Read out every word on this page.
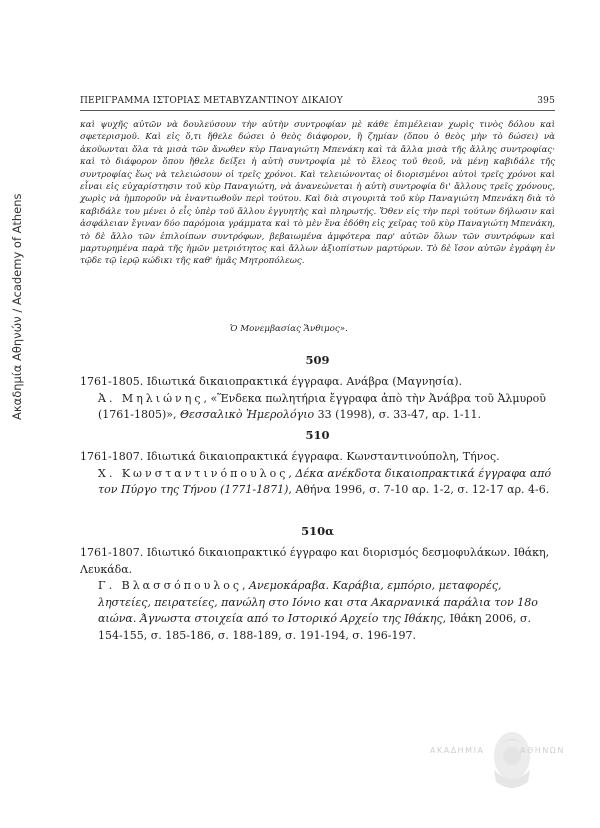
Ακαδημία Αθηνών / Academy of Athens
ΠΕΡΙΓΡΑΜΜΑ ΙΣΤΟΡΙΑΣ ΜΕΤΑΒΥΖΑΝΤΙΝΟΥ ΔΙΚΑΙΟΥ	395
καὶ ψυχῆς αὐτῶν νὰ δουλεύσουν τὴν αὐτὴν συντροφίαν μὲ κάθε ἐπιμέλειαν χωρὶς τινὸς δόλου καὶ σφετερισμοῦ. Καὶ εἰς ὅ,τι ἤθελε δώσει ὁ θεὸς διάφορον, ἢ ζημίαν (ὅπου ὁ θεὸς μὴν τὸ δώσει) νὰ ἀκοῦωνται ὅλα τὰ μισὰ τῶν ἄνωθεν κὺρ Παναγιώτη Μπενάκη καὶ τὰ ἄλλα μισὰ τῆς ἄλλης συντροφίας· καὶ τὸ διάφορον ὅπου ἤθελε δείξει ἡ αὐτὴ συντροφία μὲ τὸ ἔλεος τοῦ θεοῦ, νὰ μένῃ καβιδάλε τῆς συντροφίας ἕως νὰ τελειώσουν οἱ τρεῖς χρόνοι. Καὶ τελειώνοντας οἱ διορισμένοι αὐτοὶ τρεῖς χρόνοι καὶ εἶναι εἰς εὐχαρίστησιν τοῦ κὺρ Παναγιώτη, νὰ ἀνανεώνεται ἡ αὐτὴ συντροφία δι' ἄλλους τρεῖς χρόνους, χωρὶς νὰ ἠμποροῦν νὰ ἐναντιωθοῦν περὶ τούτου. Καὶ διὰ σιγουριτὰ τοῦ κὺρ Παναγιώτη Μπενάκη διὰ τὸ καβιδάλε του μένει ὁ εἷς ὑπὲρ τοῦ ἄλλου ἐγγυητὴς καὶ πληρωτής. Ὅθεν εἰς τὴν περὶ τούτων δήλωσιν καὶ ἀσφάλειαν ἔγιναν δύο παρόμοια γράμματα καὶ τὸ μὲν ἕνα ἐδόθη εἰς χεῖρας τοῦ κὺρ Παναγιώτη Μπενάκη, τὸ δὲ ἄλλο τῶν ἐπιλοίπων συντρόφων, βεβαιωμένα ἀμφότερα παρ' αὐτῶν ὅλων τῶν συντρόφων καὶ μαρτυρημένα παρὰ τῆς ἡμῶν μετριότητος καὶ ἄλλων ἀξιοπίστων μαρτύρων. Τὸ δὲ ἴσον αὐτῶν ἐγράφη ἐν τῷδε τῷ ἱερῷ κώδικι τῆς καθ' ἡμᾶς Μητροπόλεως.
Ὁ Μονεμβασίας Ἄνθιμος».
509

1761-1805. Ιδιωτικά δικαιοπρακτικά έγγραφα. Ανάβρα (Μαγνησία).

Ἀ. Μηλιώνης, «Ἕνδεκα πωλητήρια ἔγγραφα ἀπὸ τὴν Ἀνάβρα τοῦ Ἀλμυροῦ (1761-1805)», Θεσσαλικὸ Ἡμερολόγιο 33 (1998), σ. 33-47, αρ. 1-11.

510

1761-1807. Ιδιωτικά δικαιοπρακτικά έγγραφα. Κωνσταντινούπολη, Τήνος.

Χ. Κωνσταντινόπουλος, Δέκα ανέκδοτα δικαιοπρακτικά έγγραφα από τον Πύργο της Τήνου (1771-1871), Αθήνα 1996, σ. 7-10 αρ. 1-2, σ. 12-17 αρ. 4-6.

510α

1761-1807. Ιδιωτικό δικαιοπρακτικό έγγραφο και διορισμός δεσμοφυλάκων. Ιθάκη, Λευκάδα.

Γ. Βλασσόπουλος, Ανεμοκάραβα. Καράβια, εμπόριο, μεταφορές, ληστείες, πειρατείες, πανώλη στο Ιόνιο και στα Ακαρνανικά παράλια τον 18ο αιώνα. Άγνωστα στοιχεία από το Ιστορικό Αρχείο της Ιθάκης, Ιθάκη 2006, σ. 154-155, σ. 185-186, σ. 188-189, σ. 191-194, σ. 196-197.

ΑΚΑΔΗΜΙΑ	ΑΘΗΝΩΝ
